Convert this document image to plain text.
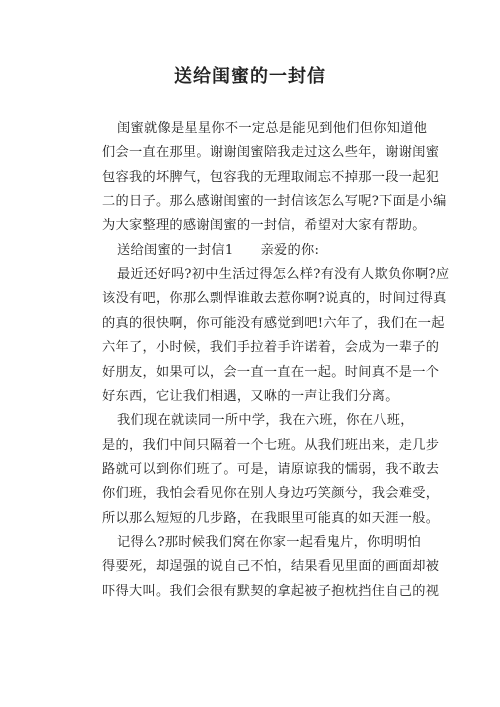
送给闺蜜的一封信
闺蜜就像是星星你不一定总是能见到他们但你知道他
们会一直在那里。谢谢闺蜜陪我走过这么些年，谢谢闺蜜
包容我的坏脾气，包容我的无理取闹忘不掉那一段一起犯
二的日子。那么感谢闺蜜的一封信该怎么写呢?下面是小编
为大家整理的感谢闺蜜的一封信，希望对大家有帮助。
送给闺蜜的一封信1　　亲爱的你:
最近还好吗?初中生活过得怎么样?有没有人欺负你啊?应
该没有吧，你那么剽悍谁敢去惹你啊?说真的，时间过得真
的真的很快啊，你可能没有感觉到吧!六年了，我们在一起
六年了，小时候，我们手拉着手许诺着，会成为一辈子的
好朋友，如果可以，会一直一直在一起。时间真不是一个
好东西，它让我们相遇，又咻的一声让我们分离。
我们现在就读同一所中学，我在六班，你在八班，
是的，我们中间只隔着一个七班。从我们班出来，走几步
路就可以到你们班了。可是，请原谅我的懦弱，我不敢去
你们班，我怕会看见你在别人身边巧笑颜兮，我会难受，
所以那么短短的几步路，在我眼里可能真的如天涯一般。
记得么?那时候我们窝在你家一起看鬼片，你明明怕
得要死，却逞强的说自己不怕，结果看见里面的画面却被
吓得大叫。我们会很有默契的拿起被子抱枕挡住自己的视
